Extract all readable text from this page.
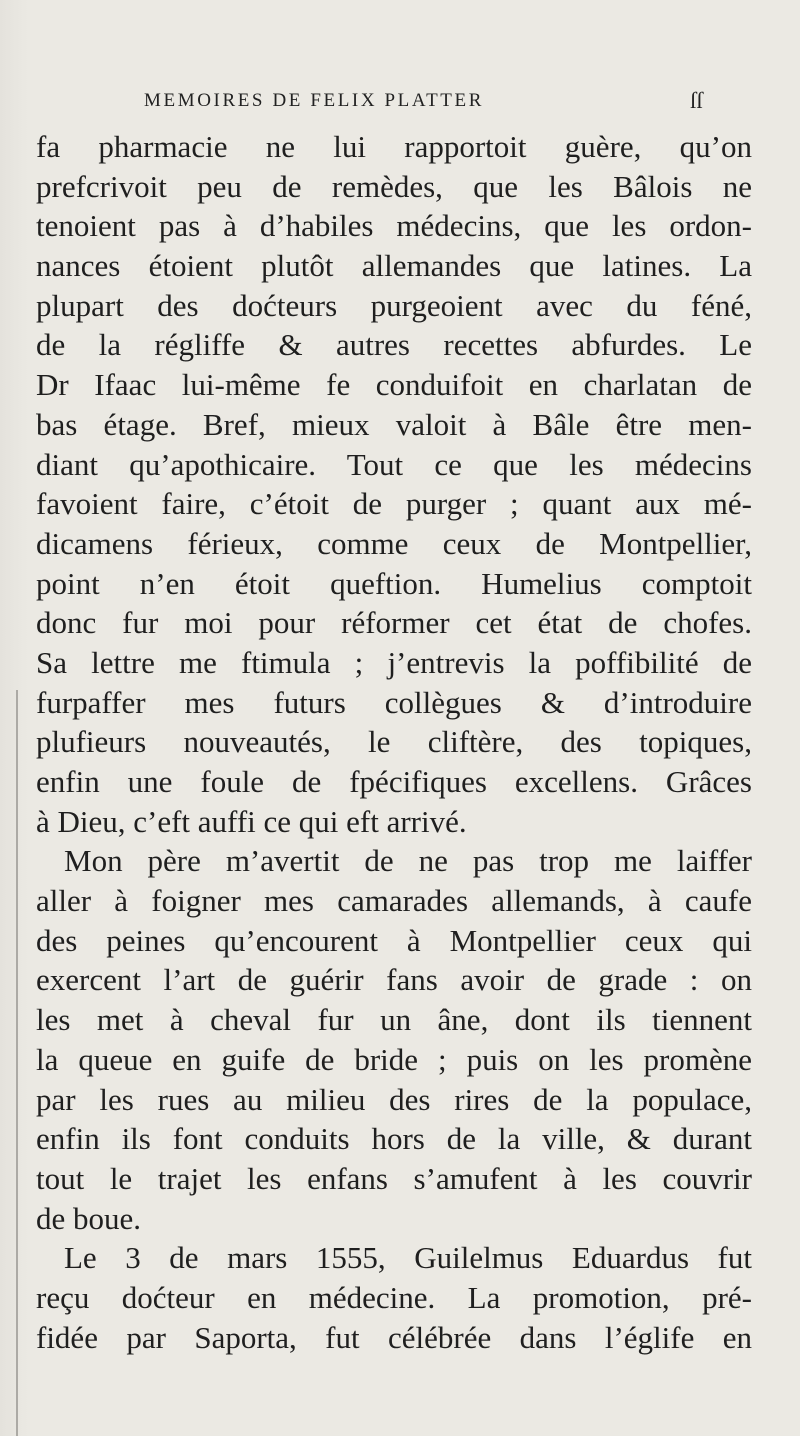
MEMOIRES DE FELIX PLATTER	ſſ
fa pharmacie ne lui rapportoit guère, qu’on
prefcrivoit peu de remèdes, que les Bâlois ne
tenoient pas à d’habiles médecins, que les ordon-
nances étoient plutôt allemandes que latines. La
plupart des doćteurs purgeoient avec du féné,
de la régliffe & autres recettes abfurdes. Le
Dr Ifaac lui-même fe conduifoit en charlatan de
bas étage. Bref, mieux valoit à Bâle être men-
diant qu’apothicaire. Tout ce que les médecins
favoient faire, c’étoit de purger ; quant aux mé-
dicamens férieux, comme ceux de Montpellier,
point n’en étoit queftion. Humelius comptoit
donc fur moi pour réformer cet état de chofes.
Sa lettre me ftimula ; j’entrevis la poffibilité de
furpaffer mes futurs collègues & d’introduire
plufieurs nouveautés, le cliftère, des topiques,
enfin une foule de fpécifiques excellens. Grâces
à Dieu, c’eft auffi ce qui eft arrivé.
Mon père m’avertit de ne pas trop me laiffer
aller à foigner mes camarades allemands, à caufe
des peines qu’encourent à Montpellier ceux qui
exercent l’art de guérir fans avoir de grade : on
les met à cheval fur un âne, dont ils tiennent
la queue en guife de bride ; puis on les promène
par les rues au milieu des rires de la populace,
enfin ils font conduits hors de la ville, & durant
tout le trajet les enfans s’amufent à les couvrir
de boue.
Le 3 de mars 1555, Guilelmus Eduardus fut
reçu doćteur en médecine. La promotion, pré-
fidée par Saporta, fut célébrée dans l’églife en
